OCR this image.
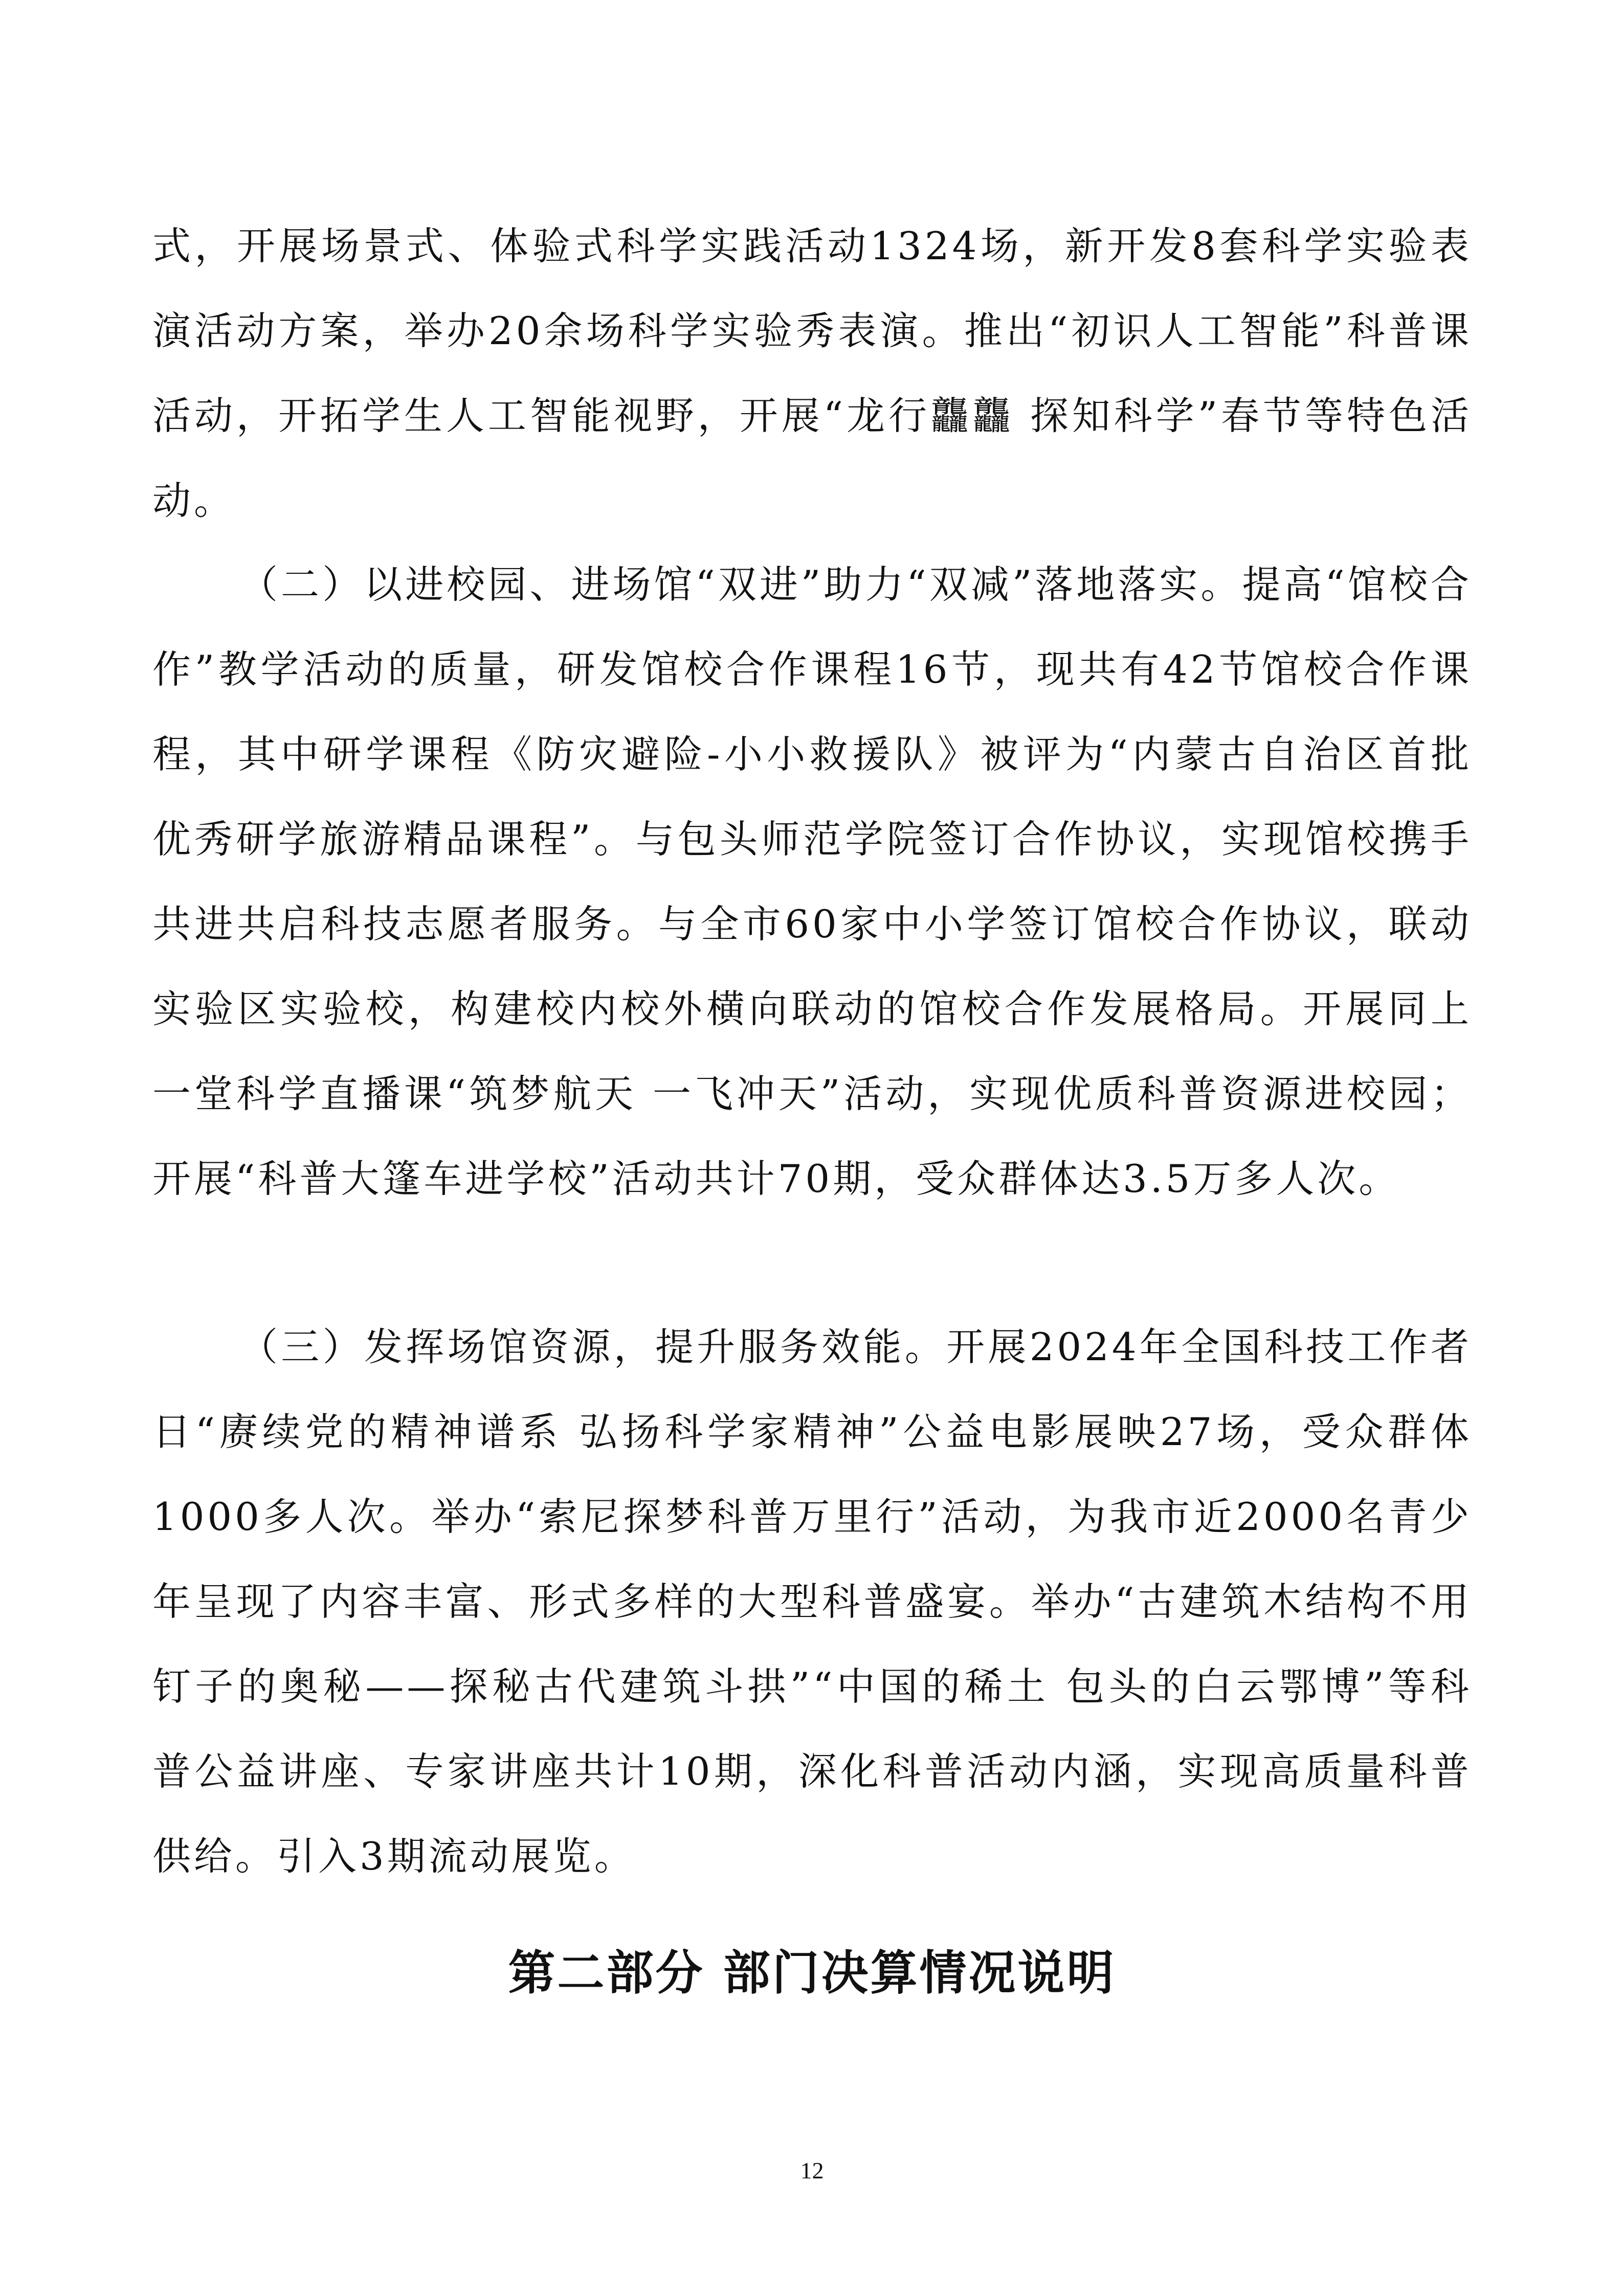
式，开展场景式、体验式科学实践活动1324场，新开发8套科学实验表演活动方案，举办20余场科学实验秀表演。推出“初识人工智能”科普课活动，开拓学生人工智能视野，开展“龙行龘龘 探知科学”春节等特色活动。

（二）以进校园、进场馆“双进”助力“双减”落地落实。提高“馆校合作”教学活动的质量，研发馆校合作课程16节，现共有42节馆校合作课程，其中研学课程《防灾避险-小小救援队》被评为“内蒙古自治区首批优秀研学旅游精品课程”。与包头师范学院签订合作协议，实现馆校携手共进共启科技志愿者服务。与全市60家中小学签订馆校合作协议，联动实验区实验校，构建校内校外横向联动的馆校合作发展格局。开展同上一堂科学直播课“筑梦航天 一飞冲天”活动，实现优质科普资源进校园；开展“科普大篷车进学校”活动共计70期，受众群体达3.5万多人次。

（三）发挥场馆资源，提升服务效能。开展2024年全国科技工作者日“赓续党的精神谱系 弘扬科学家精神”公益电影展映27场，受众群体1000多人次。举办“索尼探梦科普万里行”活动，为我市近2000名青少年呈现了内容丰富、形式多样的大型科普盛宴。举办“古建筑木结构不用钉子的奥秘——探秘古代建筑斗拱”“中国的稀土 包头的白云鄂博”等科普公益讲座、专家讲座共计10期，深化科普活动内涵，实现高质量科普供给。引入3期流动展览。

第二部分 部门决算情况说明
12
